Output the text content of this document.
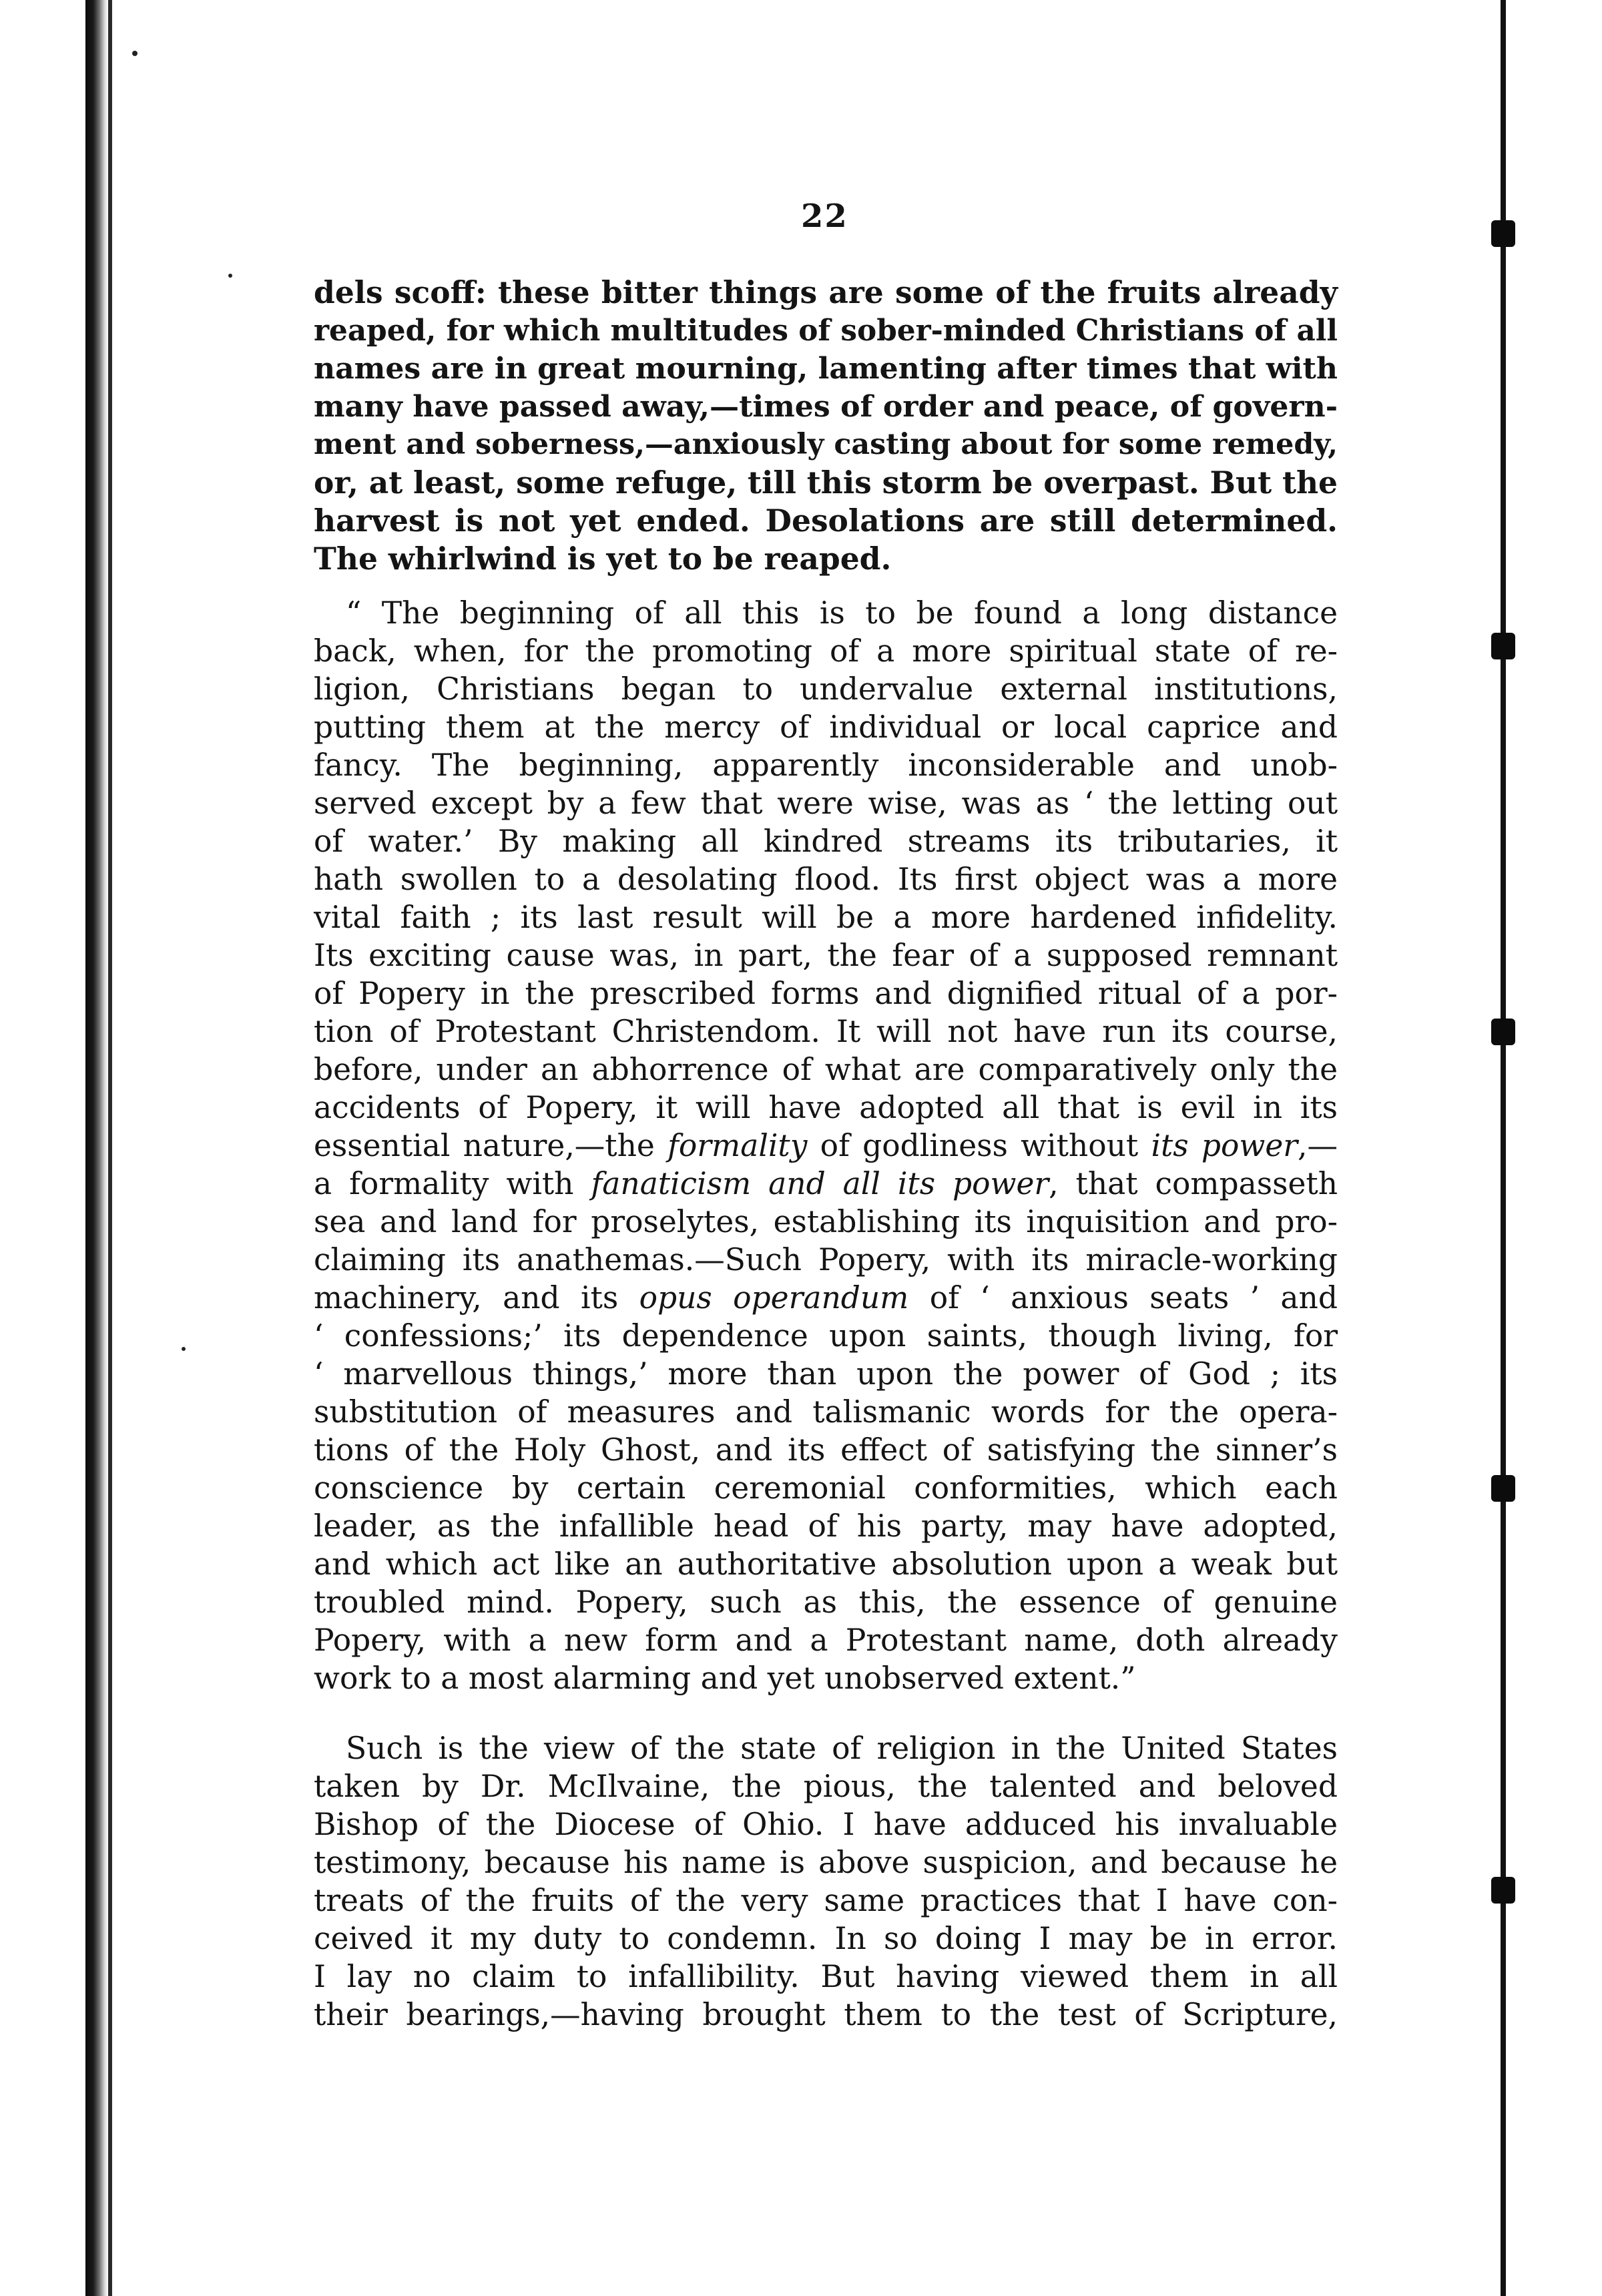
22

dels scoff: these bitter things are some of the fruits already
reaped, for which multitudes of sober-minded Christians of all
names are in great mourning, lamenting after times that with
many have passed away,—times of order and peace, of govern-
ment and soberness,—anxiously casting about for some remedy,
or, at least, some refuge, till this storm be overpast. But the
harvest is not yet ended. Desolations are still determined.
The whirlwind is yet to be reaped.

“ The beginning of all this is to be found a long distance
back, when, for the promoting of a more spiritual state of re-
ligion, Christians began to undervalue external institutions,
putting them at the mercy of individual or local caprice and
fancy. The beginning, apparently inconsiderable and unob-
served except by a few that were wise, was as ‘ the letting out
of water.’ By making all kindred streams its tributaries, it
hath swollen to a desolating flood. Its first object was a more
vital faith ; its last result will be a more hardened infidelity.
Its exciting cause was, in part, the fear of a supposed remnant
of Popery in the prescribed forms and dignified ritual of a por-
tion of Protestant Christendom. It will not have run its course,
before, under an abhorrence of what are comparatively only the
accidents of Popery, it will have adopted all that is evil in its
essential nature,—the formality of godliness without its power,—
a formality with fanaticism and all its power, that compasseth
sea and land for proselytes, establishing its inquisition and pro-
claiming its anathemas.—Such Popery, with its miracle-working
machinery, and its opus operandum of ‘ anxious seats ’ and
‘ confessions;’ its dependence upon saints, though living, for
‘ marvellous things,’ more than upon the power of God ; its
substitution of measures and talismanic words for the opera-
tions of the Holy Ghost, and its effect of satisfying the sinner’s
conscience by certain ceremonial conformities, which each
leader, as the infallible head of his party, may have adopted,
and which act like an authoritative absolution upon a weak but
troubled mind. Popery, such as this, the essence of genuine
Popery, with a new form and a Protestant name, doth already
work to a most alarming and yet unobserved extent.”

Such is the view of the state of religion in the United States
taken by Dr. McIlvaine, the pious, the talented and beloved
Bishop of the Diocese of Ohio. I have adduced his invaluable
testimony, because his name is above suspicion, and because he
treats of the fruits of the very same practices that I have con-
ceived it my duty to condemn. In so doing I may be in error.
I lay no claim to infallibility. But having viewed them in all
their bearings,—having brought them to the test of Scripture,
